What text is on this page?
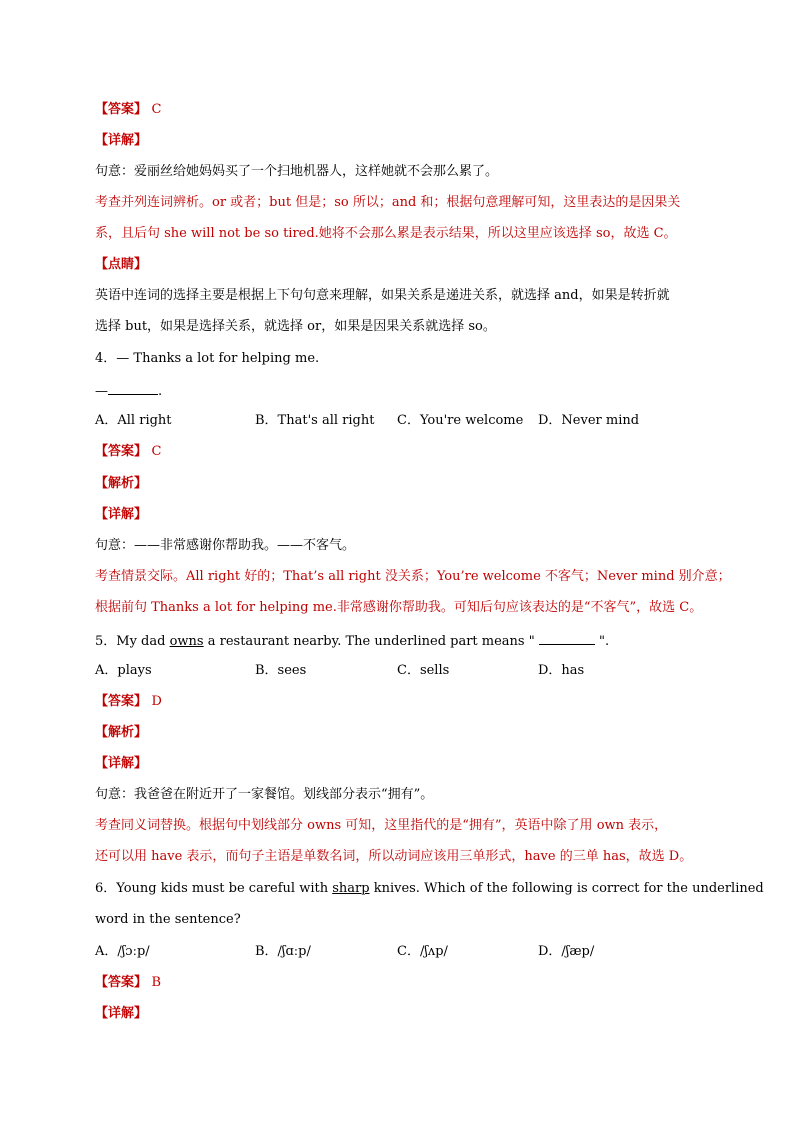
【答案】 C
【详解】
句意：爱丽丝给她妈妈买了一个扫地机器人，这样她就不会那么累了。
考查并列连词辨析。or 或者；but 但是；so 所以；and 和；根据句意理解可知，这里表达的是因果关
系，且后句 she will not be so tired.她将不会那么累是表示结果，所以这里应该选择 so，故选 C。
【点睛】
英语中连词的选择主要是根据上下句句意来理解，如果关系是递进关系，就选择 and，如果是转折就
选择 but，如果是选择关系，就选择 or，如果是因果关系就选择 so。
4．— Thanks a lot for helping me.
—	.
A．All right	B．That's all right C．You're welcome D．Never mind
【答案】 C
【解析】
【详解】
句意：——非常感谢你帮助我。——不客气。
考查情景交际。All right 好的；That’s all right 没关系；You’re welcome 不客气；Never mind 别介意；
根据前句 Thanks a lot for helping me.非常感谢你帮助我。可知后句应该表达的是“不客气”，故选 C。
5．My dad owns a restaurant nearby. The underlined part means "	".
A．plays	B．sees	C．sells	D．has
【答案】 D
【解析】
【详解】
句意：我爸爸在附近开了一家餐馆。划线部分表示“拥有”。
考查同义词替换。根据句中划线部分 owns 可知，这里指代的是“拥有”，英语中除了用 own 表示，
还可以用 have 表示，而句子主语是单数名词，所以动词应该用三单形式，have 的三单 has，故选 D。
6．Young kids must be careful with sharp knives. Which of the following is correct for the underlined
word in the sentence?
A．/ʃɔːp/	B．/ʃɑːp/	C．/ʃʌp/	D．/ʃæp/
【答案】 B
【详解】
